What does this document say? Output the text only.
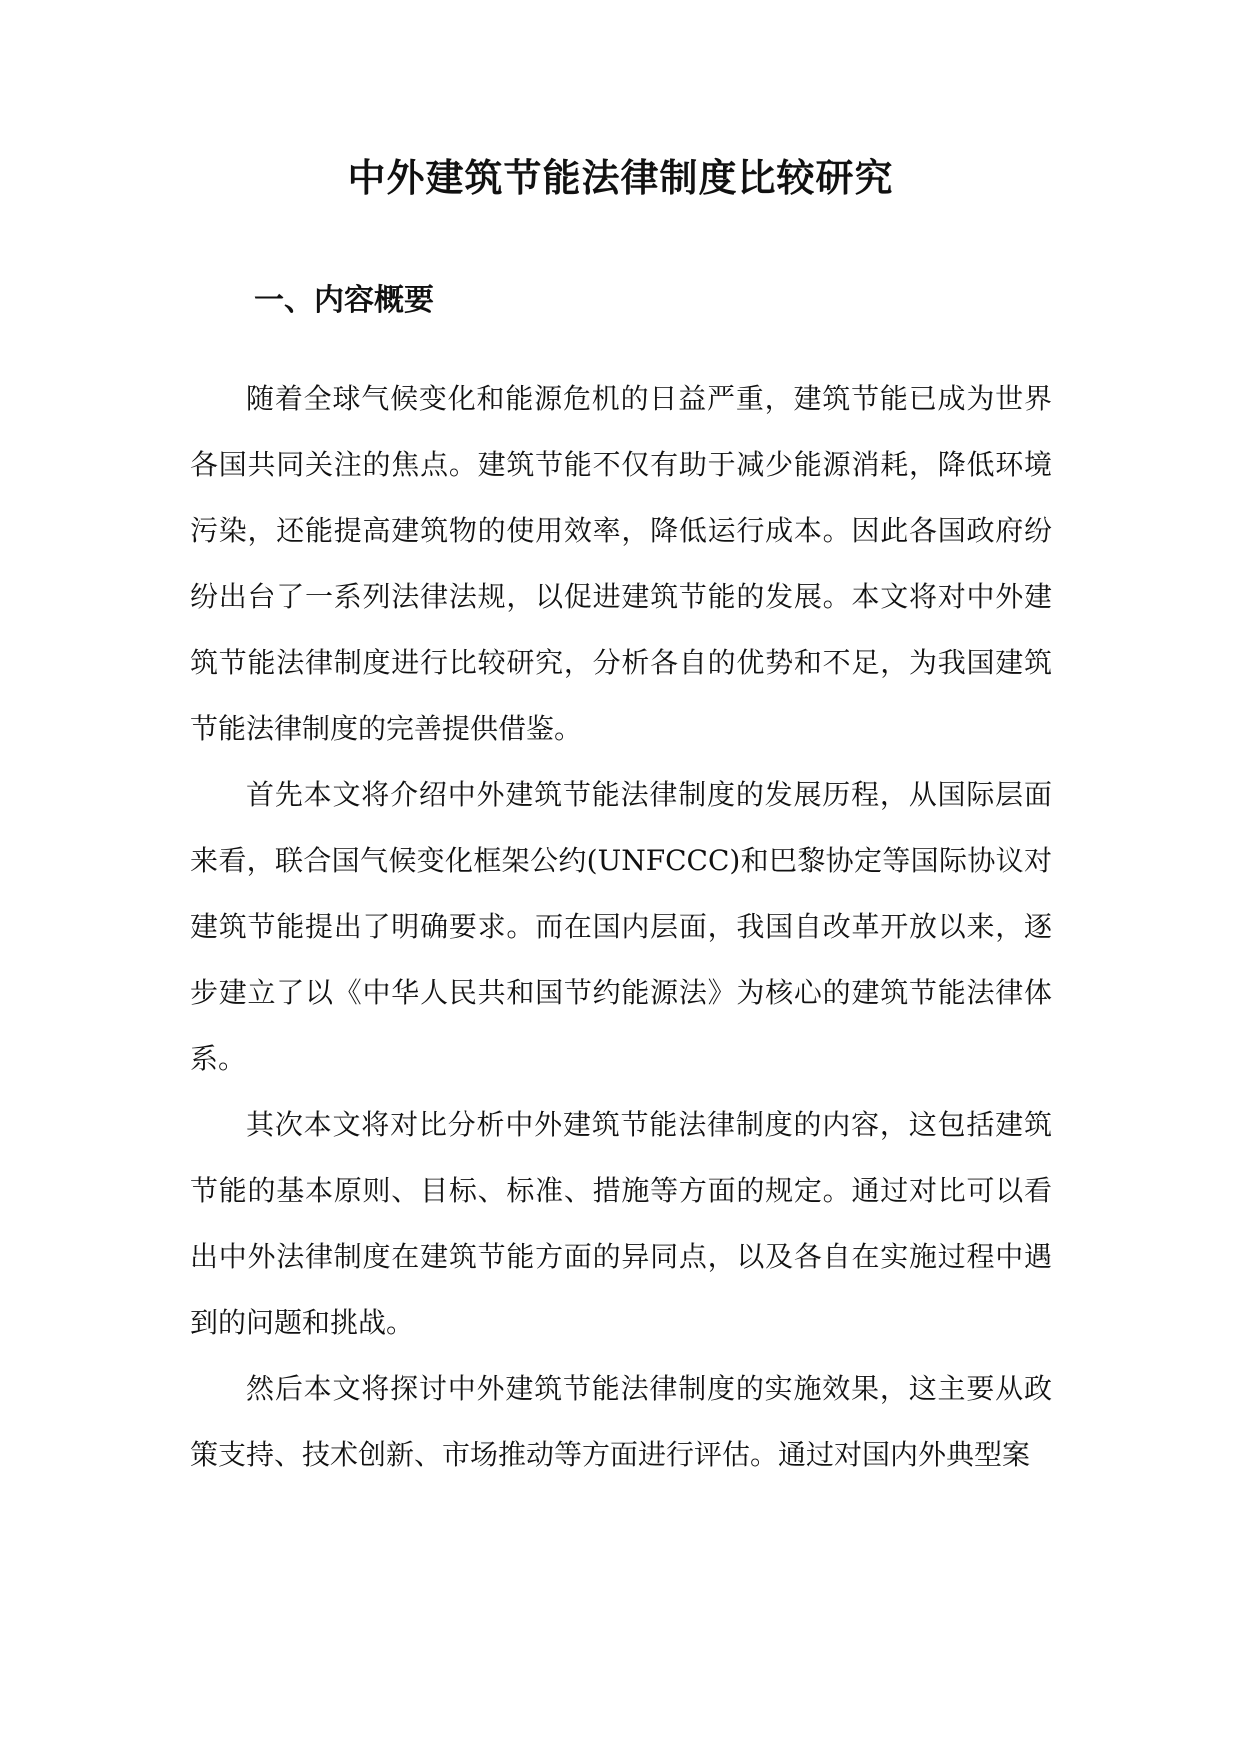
中外建筑节能法律制度比较研究
一、内容概要

随着全球气候变化和能源危机的日益严重，建筑节能已成为世界各国共同关注的焦点。建筑节能不仅有助于减少能源消耗，降低环境污染，还能提高建筑物的使用效率，降低运行成本。因此各国政府纷纷出台了一系列法律法规，以促进建筑节能的发展。本文将对中外建筑节能法律制度进行比较研究，分析各自的优势和不足，为我国建筑节能法律制度的完善提供借鉴。

首先本文将介绍中外建筑节能法律制度的发展历程，从国际层面来看，联合国气候变化框架公约(UNFCCC)和巴黎协定等国际协议对建筑节能提出了明确要求。而在国内层面，我国自改革开放以来，逐步建立了以《中华人民共和国节约能源法》为核心的建筑节能法律体系。

其次本文将对比分析中外建筑节能法律制度的内容，这包括建筑节能的基本原则、目标、标准、措施等方面的规定。通过对比可以看出中外法律制度在建筑节能方面的异同点，以及各自在实施过程中遇到的问题和挑战。

然后本文将探讨中外建筑节能法律制度的实施效果，这主要从政策支持、技术创新、市场推动等方面进行评估。通过对国内外典型案
